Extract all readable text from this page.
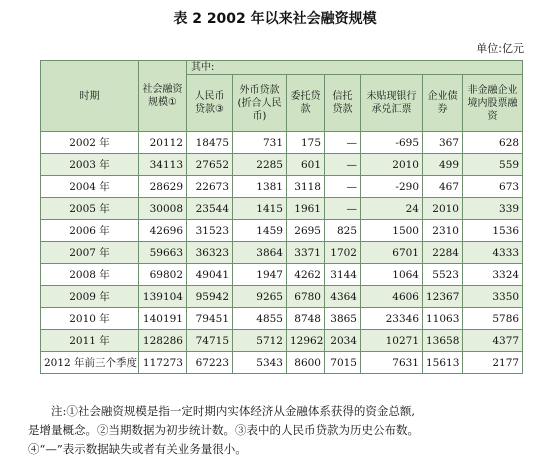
表 2 2002 年以来社会融资规模
单位:亿元
时期	社会融资规模①	其中:						
		人民币贷款③	外币贷款(折合人民币)	委托贷款	信托贷款	未贴现银行承兑汇票	企业债券	非金融企业境内股票融资
2002 年	20112	18475	731	175	—	-695	367	628
2003 年	34113	27652	2285	601	—	2010	499	559
2004 年	28629	22673	1381	3118	—	-290	467	673
2005 年	30008	23544	1415	1961	—	24	2010	339
2006 年	42696	31523	1459	2695	825	1500	2310	1536
2007 年	59663	36323	3864	3371	1702	6701	2284	4333
2008 年	69802	49041	1947	4262	3144	1064	5523	3324
2009 年	139104	95942	9265	6780	4364	4606	12367	3350
2010 年	140191	79451	4855	8748	3865	23346	11063	5786
2011 年	128286	74715	5712	12962	2034	10271	13658	4377
2012 年前三个季度	117273	67223	5343	8600	7015	7631	15613	2177

注:①社会融资规模是指一定时期内实体经济从金融体系获得的资金总额,

是增量概念。②当期数据为初步统计数。③表中的人民币贷款为历史公布数。

④“—”表示数据缺失或者有关业务量很小。
